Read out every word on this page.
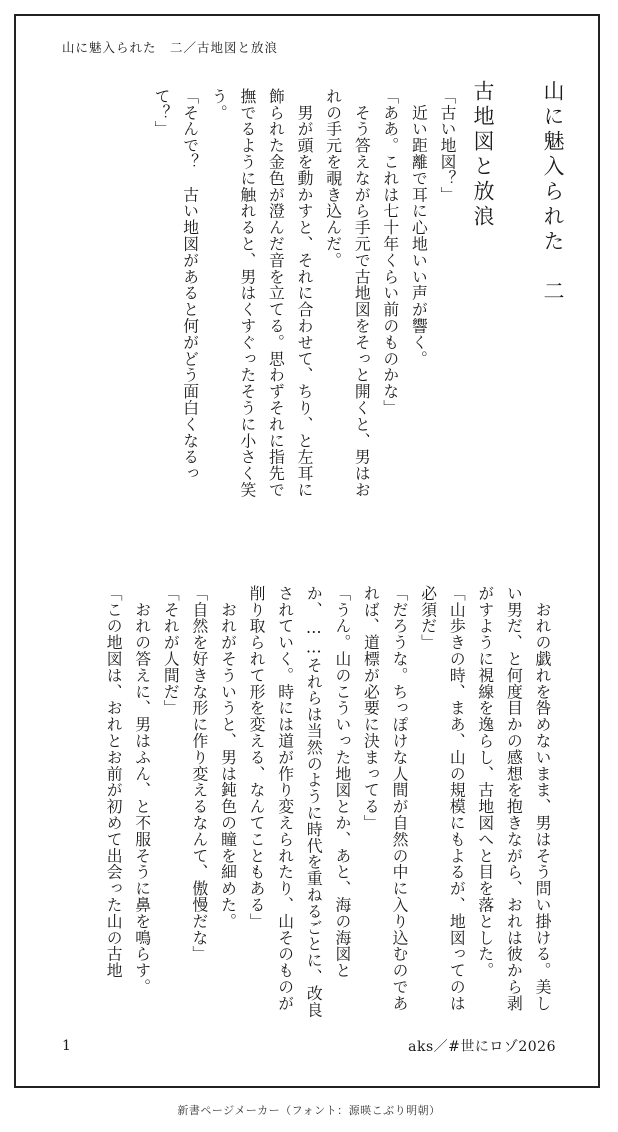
山に魅入られた　二／古地図と放浪
山に魅入られた　二
古地図と放浪
「古い地図？」
　近い距離で耳に心地いい声が響く。
「ああ。これは七十年くらい前のものかな」
　そう答えながら手元で古地図をそっと開くと、男はおれの手元を覗き込んだ。
　男が頭を動かすと、それに合わせて、ちり、と左耳に飾られた金色が澄んだ音を立てる。思わずそれに指先で撫でるように触れると、男はくすぐったそうに小さく笑う。
「そんで？　古い地図があると何がどう面白くなるって？」
　おれの戯れを咎めないまま、男はそう問い掛ける。美しい男だ、と何度目かの感想を抱きながら、おれは彼から剥がすように視線を逸らし、古地図へと目を落とした。
「山歩きの時、まあ、山の規模にもよるが、地図ってのは必須だ」
「だろうな。ちっぽけな人間が自然の中に入り込むのであれば、道標が必要に決まってる」
「うん。山のこういった地図とか、あと、海の海図とか、……それらは当然のように時代を重ねるごとに、改良されていく。時には道が作り変えられたり、山そのものが削り取られて形を変える、なんてこともある」
　おれがそういうと、男は鈍色の瞳を細めた。
「自然を好きな形に作り変えるなんて、傲慢だな」
「それが人間だ」
　おれの答えに、男はふん、と不服そうに鼻を鳴らす。
「この地図は、おれとお前が初めて出会った山の古地
1	aks／#世にロゾ2026
新書ページメーカー（フォント：源暎こぶり明朝）
